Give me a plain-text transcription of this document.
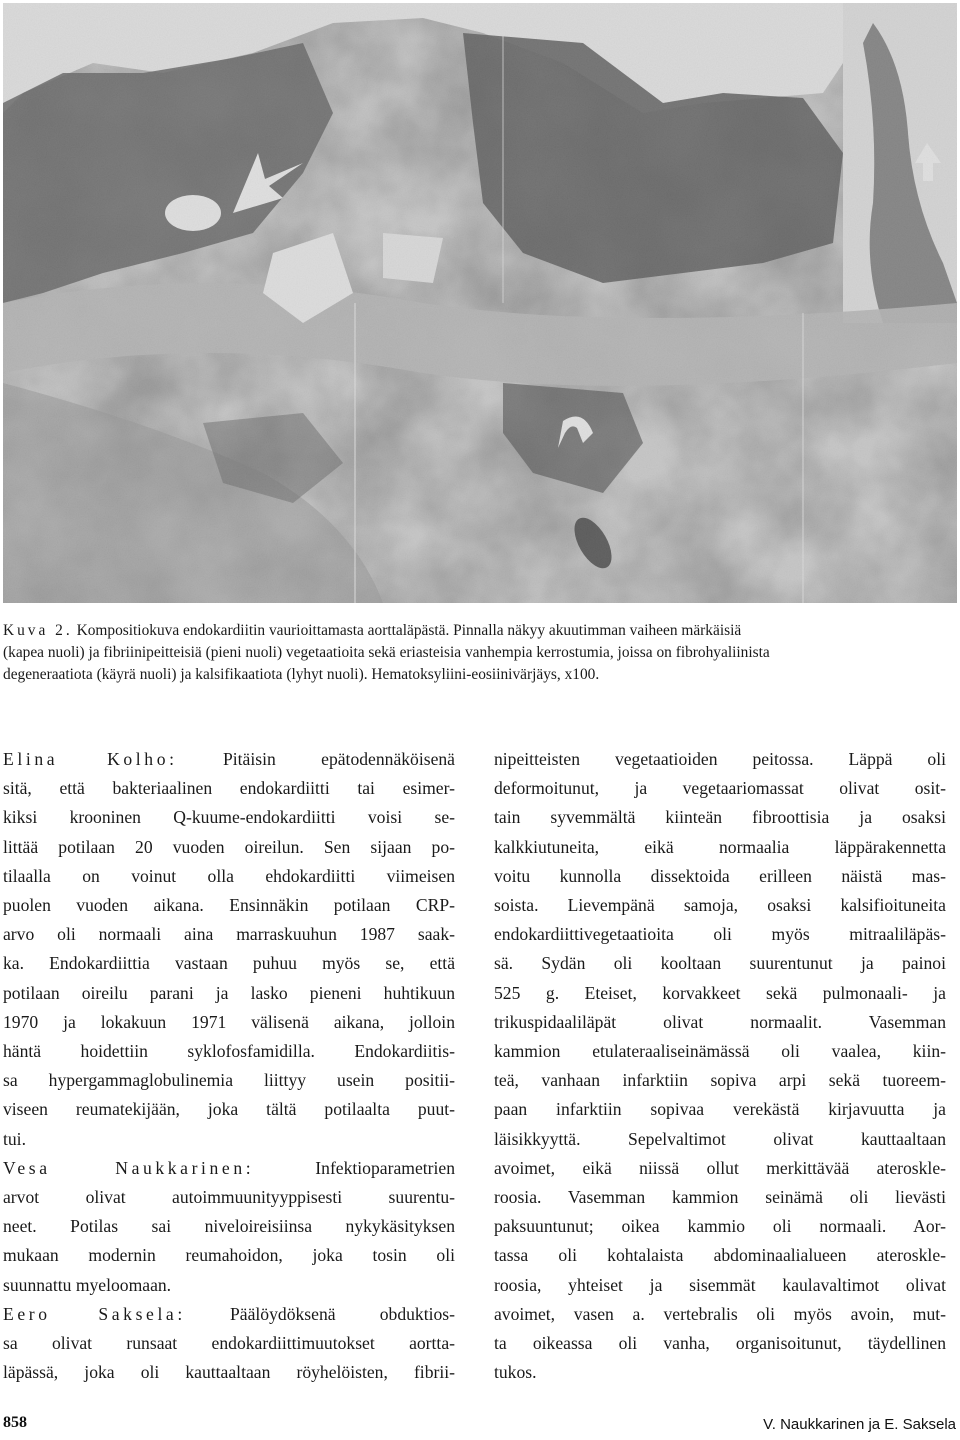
Kuva 2. Kompositiokuva endokardiitin vaurioittamasta aorttaläpästä. Pinnalla näkyy akuutimman vaiheen märkäisiä
(kapea nuoli) ja fibriinipeitteisiä (pieni nuoli) vegetaatioita sekä eriasteisia vanhempia kerrostumia, joissa on fibrohyaliinista
degeneraatiota (käyrä nuoli) ja kalsifikaatiota (lyhyt nuoli). Hematoksyliini-eosiinivärjäys, x100.
Elina Kolho: Pitäisin epätodennäköisenä
sitä, että bakteriaalinen endokardiitti tai esimer-
kiksi krooninen Q-kuume-endokardiitti voisi se-
littää potilaan 20 vuoden oireilun. Sen sijaan po-
tilaalla on voinut olla ehdokardiitti viimeisen
puolen vuoden aikana. Ensinnäkin potilaan CRP-
arvo oli normaali aina marraskuuhun 1987 saak-
ka. Endokardiittia vastaan puhuu myös se, että
potilaan oireilu parani ja lasko pieneni huhtikuun
1970 ja lokakuun 1971 välisenä aikana, jolloin
häntä hoidettiin syklofosfamidilla. Endokardiitis-
sa hypergammaglobulinemia liittyy usein positii-
viseen reumatekijään, joka tältä potilaalta puut-
tui.
Vesa Naukkarinen: Infektioparametrien
arvot olivat autoimmuunityyppisesti suurentu-
neet. Potilas sai niveloireisiinsa nykykäsityksen
mukaan modernin reumahoidon, joka tosin oli
suunnattu myeloomaan.
Eero Saksela: Päälöydöksenä obduktios-
sa olivat runsaat endokardiittimuutokset aortta-
läpässä, joka oli kauttaaltaan röyhelöisten, fibrii-
nipeitteisten vegetaatioiden peitossa. Läppä oli
deformoitunut, ja vegetaariomassat olivat osit-
tain syvemmältä kiinteän fibroottisia ja osaksi
kalkkiutuneita, eikä normaalia läppärakennetta
voitu kunnolla dissektoida erilleen näistä mas-
soista. Lievempänä samoja, osaksi kalsifioituneita
endokardiittivegetaatioita oli myös mitraaliläpäs-
sä. Sydän oli kooltaan suurentunut ja painoi
525 g. Eteiset, korvakkeet sekä pulmonaali- ja
trikuspidaaliläpät olivat normaalit. Vasemman
kammion etulateraaliseinämässä oli vaalea, kiin-
teä, vanhaan infarktiin sopiva arpi sekä tuoreem-
paan infarktiin sopivaa verekästä kirjavuutta ja
läisikkyyttä. Sepelvaltimot olivat kauttaaltaan
avoimet, eikä niissä ollut merkittävää ateroskle-
roosia. Vasemman kammion seinämä oli lievästi
paksuuntunut; oikea kammio oli normaali. Aor-
tassa oli kohtalaista abdominaalialueen ateroskle-
roosia, yhteiset ja sisemmät kaulavaltimot olivat
avoimet, vasen a. vertebralis oli myös avoin, mut-
ta oikeassa oli vanha, organisoitunut, täydellinen
tukos.
858	V. Naukkarinen ja E. Saksela
